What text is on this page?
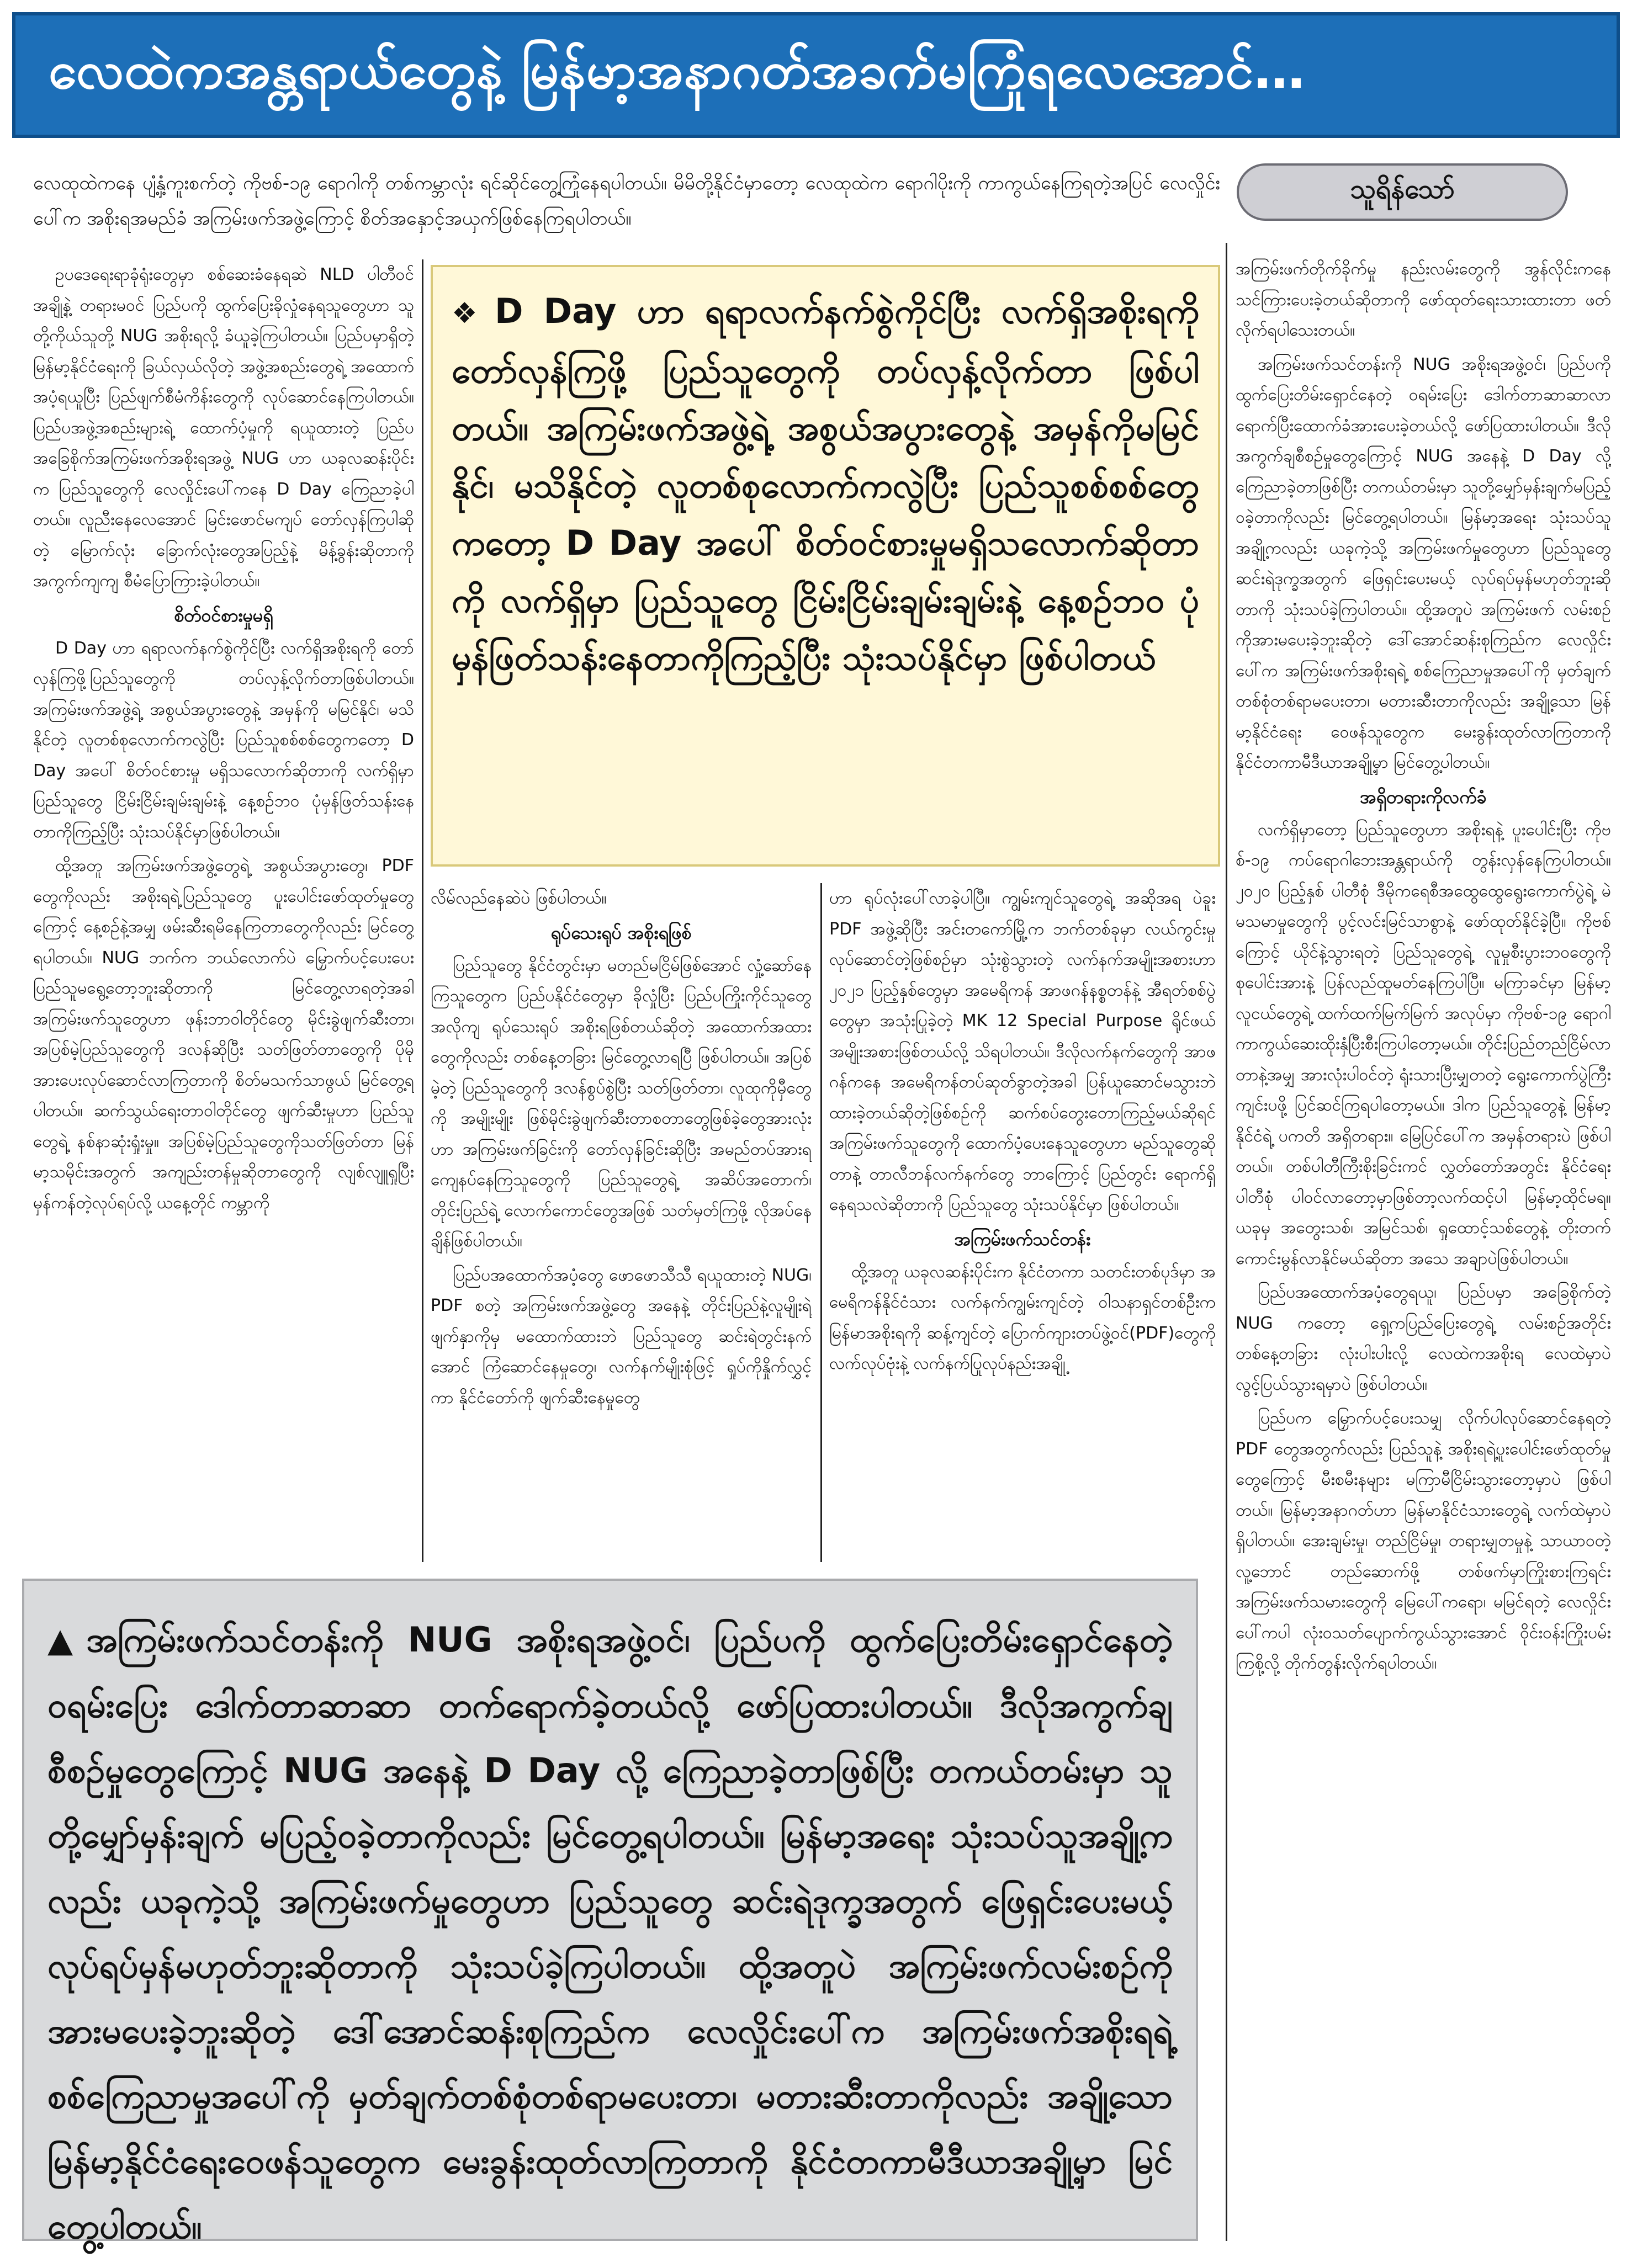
လေထဲကအန္တရာယ်တွေနဲ့ မြန်မာ့အနာဂတ်အခက်မကြုံရလေအောင်…
လေထုထဲကနေ ပျံ့နှံ့ကူးစက်တဲ့ ကိုဗစ်-၁၉ ရောဂါကို တစ်ကမ္ဘာလုံး ရင်ဆိုင်တွေ့ကြုံနေရပါတယ်။ မိမိတို့နိုင်ငံမှာတော့ လေထုထဲက ရောဂါပိုးကို ကာကွယ်နေကြရတဲ့အပြင် လေလှိုင်းပေါ်က အစိုးရအမည်ခံ အကြမ်းဖက်အဖွဲ့ကြောင့် စိတ်အနှောင့်အယှက်ဖြစ်နေကြရပါတယ်။
သူရိန်သော်

ဥပဒေရေးရာခုံရုံးတွေမှာ စစ်ဆေးခံနေရဆဲ NLD ပါတီဝင်အချို့နဲ့ တရားမဝင် ပြည်ပကို ထွက်ပြေးခိုလှုံနေရသူတွေဟာ သူတို့ကိုယ်သူတို့ NUG အစိုးရလို့ ခံယူခဲ့ကြပါတယ်။ ပြည်ပမှာရှိတဲ့ မြန်မာ့နိုင်ငံရေးကို ခြယ်လှယ်လိုတဲ့ အဖွဲ့အစည်းတွေရဲ့ အထောက်အပံ့ရယူပြီး ပြည်ဖျက်စီမံကိန်းတွေကို လုပ်ဆောင်နေကြပါတယ်။ ပြည်ပအဖွဲ့အစည်းများရဲ့ ထောက်ပံ့မှုကို ရယူထားတဲ့ ပြည်ပအခြေစိုက်အကြမ်းဖက်အစိုးရအဖွဲ့ NUG ဟာ ယခုလဆန်းပိုင်းက ပြည်သူတွေကို လေလှိုင်းပေါ်ကနေ D Day ကြေညာခဲ့ပါတယ်။ လူညီးနေလေအောင် မြင်းဖောင်မကျပ် တော်လှန်ကြပါဆိုတဲ့ မြောက်လုံး ခြောက်လုံးတွေအပြည့်နဲ့ မိန့်ခွန်းဆိုတာကို အကွက်ကျကျ စီမံပြောကြားခဲ့ပါတယ်။

စိတ်ဝင်စားမှုမရှိ

D Day ဟာ ရရာလက်နက်စွဲကိုင်ပြီး လက်ရှိအစိုးရကို တော်လှန်ကြဖို့ပြည်သူတွေကို တပ်လှန့်လိုက်တာဖြစ်ပါတယ်။ အကြမ်းဖက်အဖွဲ့ရဲ့ အစွယ်အပွားတွေနဲ့ အမှန်ကို မမြင်နိုင်၊ မသိနိုင်တဲ့ လူတစ်စုလောက်ကလွဲပြီး ပြည်သူစစ်စစ်တွေကတော့ D Day အပေါ် စိတ်ဝင်စားမှု မရှိသလောက်ဆိုတာကို လက်ရှိမှာ ပြည်သူတွေ ငြိမ်းငြိမ်းချမ်းချမ်းနဲ့ နေ့စဉ်ဘဝ ပုံမှန်ဖြတ်သန်းနေတာကိုကြည့်ပြီး သုံးသပ်နိုင်မှာဖြစ်ပါတယ်။

ထို့အတူ အကြမ်းဖက်အဖွဲ့တွေရဲ့ အစွယ်အပွားတွေ၊ PDF တွေကိုလည်း အစိုးရရဲ့ပြည်သူတွေ ပူးပေါင်းဖော်ထုတ်မှုတွေကြောင့် နေ့စဉ်နဲ့အမျှ ဖမ်းဆီးရမိနေကြတာတွေကိုလည်း မြင်တွေ့ရပါတယ်။ NUG ဘက်က ဘယ်လောက်ပဲ မြှောက်ပင့်ပေးပေး ပြည်သူမရွေ့တော့ဘူးဆိုတာကို မြင်တွေ့လာရတဲ့အခါ အကြမ်းဖက်သူတွေဟာ ဖုန်းဘာဝါတိုင်တွေ မိုင်းခွဲဖျက်ဆီးတာ၊ အပြစ်မဲ့ပြည်သူတွေကို ဒလန်ဆိုပြီး သတ်ဖြတ်တာတွေကို ပိုမိုအားပေးလုပ်ဆောင်လာကြတာကို စိတ်မသက်သာဖွယ် မြင်တွေ့ရပါတယ်။ ဆက်သွယ်ရေးတာဝါတိုင်တွေ ဖျက်ဆီးမှုဟာ ပြည်သူတွေရဲ့ နစ်နာဆုံးရှုံးမှု။ အပြစ်မဲ့ပြည်သူတွေကိုသတ်ဖြတ်တာ မြန်မာ့သမိုင်းအတွက် အကျည်းတန်မှုဆိုတာတွေကို လျစ်လျူရှုပြီး မှန်ကန်တဲ့လုပ်ရပ်လို့ ယနေ့တိုင် ကမ္ဘာကို

❖ D Day ဟာ ရရာလက်နက်စွဲကိုင်ပြီး လက်ရှိအစိုးရကို တော်လှန်ကြဖို့ ပြည်သူတွေကို တပ်လှန့်လိုက်တာ ဖြစ်ပါတယ်။ အကြမ်းဖက်အဖွဲ့ရဲ့ အစွယ်အပွားတွေနဲ့ အမှန်ကိုမမြင်နိုင်၊ မသိနိုင်တဲ့ လူတစ်စုလောက်ကလွဲပြီး ပြည်သူစစ်စစ်တွေကတော့ D Day အပေါ် စိတ်ဝင်စားမှုမရှိသလောက်ဆိုတာကို လက်ရှိမှာ ပြည်သူတွေ ငြိမ်းငြိမ်းချမ်းချမ်းနဲ့ နေ့စဉ်ဘဝ ပုံမှန်ဖြတ်သန်းနေတာကိုကြည့်ပြီး သုံးသပ်နိုင်မှာ ဖြစ်ပါတယ်

လိမ်လည်နေဆဲပဲ ဖြစ်ပါတယ်။

ရုပ်သေးရုပ် အစိုးရဖြစ်

ပြည်သူတွေ နိုင်ငံတွင်းမှာ မတည်မငြိမ်ဖြစ်အောင် လှုံ့ဆော်နေကြသူတွေက ပြည်ပနိုင်ငံတွေမှာ ခိုလှုံပြီး ပြည်ပကြိုးကိုင်သူတွေအလိုကျ ရုပ်သေးရုပ် အစိုးရဖြစ်တယ်ဆိုတဲ့ အထောက်အထားတွေကိုလည်း တစ်နေ့တခြား မြင်တွေ့လာရပြီ ဖြစ်ပါတယ်။ အပြစ်မဲ့တဲ့ ပြည်သူတွေကို ဒလန်စွပ်စွဲပြီး သတ်ဖြတ်တာ၊ လူထုကိုမှီတွေကို အမျိုးမျိုး ဖြစ်မိုင်းခွဲဖျက်ဆီးတာစတာတွေဖြစ်ခဲ့တွေအားလုံးဟာ အကြမ်းဖက်ခြင်းကို တော်လှန်ခြင်းဆိုပြီး အမည်တပ်အားရကျေနပ်နေကြသူတွေကို ပြည်သူတွေရဲ့ အဆိပ်အတောက်၊ တိုင်းပြည်ရဲ့ လောက်ကောင်တွေအဖြစ် သတ်မှတ်ကြဖို့ လိုအပ်နေချိန်ဖြစ်ပါတယ်။

ပြည်ပအထောက်အပံ့တွေ ဖောဖောသီသီ ရယူထားတဲ့ NUG၊ PDF စတဲ့ အကြမ်းဖက်အဖွဲ့တွေ အနေနဲ့ တိုင်းပြည်နဲ့လူမျိုးရဲ့ ဖျက်နှာကိုမှ မထောက်ထားဘဲ ပြည်သူတွေ ဆင်းရဲတွင်းနက်အောင် ကြံဆောင်နေမှုတွေ၊ လက်နက်မျိုးစုံဖြင့် ရှုပ်ကိုနှိုက်လွှင့်ကာ နိုင်ငံတော်ကို ဖျက်ဆီးနေမှုတွေ

ဟာ ရုပ်လုံးပေါ်လာခဲ့ပါပြီ။ ကျွမ်းကျင်သူတွေရဲ့ အဆိုအရ ပဲခူး PDF အဖွဲ့ဆိုပြီး အင်းတကော်မြို့က ဘက်တစ်ခုမှာ လယ်ကွင်းမှုလုပ်ဆောင်တဲ့ဖြစ်စဉ်မှာ သုံးစွဲသွားတဲ့ လက်နက်အမျိုးအစားဟာ ၂၀၂၁ ပြည့်နှစ်တွေမှာ အမေရိကန် အာဖဂန်နစ္စတန်နဲ့ အီရတ်စစ်ပွဲတွေမှာ အသုံးပြုခဲ့တဲ့ MK 12 Special Purpose ရိုင်ဖယ်အမျိုးအစားဖြစ်တယ်လို့ သိရပါတယ်။ ဒီလိုလက်နက်တွေကို အာဖဂန်ကနေ အမေရိကန်တပ်ဆုတ်ခွာတဲ့အခါ ပြန်ယူဆောင်မသွားဘဲ ထားခဲ့တယ်ဆိုတဲ့ဖြစ်စဉ်ကို ဆက်စပ်တွေးတောကြည့်မယ်ဆိုရင် အကြမ်းဖက်သူတွေကို ထောက်ပံ့ပေးနေသူတွေဟာ မည်သူတွေဆိုတာနဲ့ တာလီဘန်လက်နက်တွေ ဘာကြောင့် ပြည်တွင်း ရောက်ရှိနေရသလဲဆိုတာကို ပြည်သူတွေ သုံးသပ်နိုင်မှာ ဖြစ်ပါတယ်။

အကြမ်းဖက်သင်တန်း

ထို့အတူ ယခုလဆန်းပိုင်းက နိုင်ငံတကာ သတင်းတစ်ပုဒ်မှာ အမေရိကန်နိုင်ငံသား လက်နက်ကျွမ်းကျင်တဲ့ ဝါသနာရှင်တစ်ဦးက မြန်မာအစိုးရကို ဆန့်ကျင်တဲ့ ပြောက်ကျားတပ်ဖွဲ့ဝင်(PDF)တွေကို လက်လုပ်ဗုံးနဲ့ လက်နက်ပြုလုပ်နည်းအချို့

အကြမ်းဖက်တိုက်ခိုက်မှု နည်းလမ်းတွေကို အွန်လိုင်းကနေ သင်ကြားပေးခဲ့တယ်ဆိုတာကို ဖော်ထုတ်ရေးသားထားတာ ဖတ်လိုက်ရပါသေးတယ်။

အကြမ်းဖက်သင်တန်းကို NUG အစိုးရအဖွဲ့ဝင်၊ ပြည်ပကို ထွက်ပြေးတိမ်းရှောင်နေတဲ့ ဝရမ်းပြေး ဒေါက်တာဆာဆာလာရောက်ပြီးထောက်ခံအားပေးခဲ့တယ်လို့ ဖော်ပြထားပါတယ်။ ဒီလိုအကွက်ချစီစဉ်မှုတွေကြောင့် NUG အနေနဲ့ D Day လို့ကြေညာခဲ့တာဖြစ်ပြီး တကယ်တမ်းမှာ သူတို့မျှော်မှန်းချက်မပြည့်ဝခဲ့တာကိုလည်း မြင်တွေ့ရပါတယ်။ မြန်မာ့အရေး သုံးသပ်သူအချို့ကလည်း ယခုကဲ့သို့ အကြမ်းဖက်မှုတွေဟာ ပြည်သူတွေ ဆင်းရဲဒုက္ခအတွက် ဖြေရှင်းပေးမယ့် လုပ်ရပ်မှန်မဟုတ်ဘူးဆိုတာကို သုံးသပ်ခဲ့ကြပါတယ်။ ထို့အတူပဲ အကြမ်းဖက် လမ်းစဉ်ကိုအားမပေးခဲ့ဘူးဆိုတဲ့ ဒေါ်အောင်ဆန်းစုကြည်က လေလှိုင်းပေါ်က အကြမ်းဖက်အစိုးရရဲ့ စစ်ကြေညာမှုအပေါ်ကို မှတ်ချက်တစ်စုံတစ်ရာမပေးတာ၊ မတားဆီးတာကိုလည်း အချို့သော မြန်မာ့နိုင်ငံရေး ဝေဖန်သူတွေက မေးခွန်းထုတ်လာကြတာကို နိုင်ငံတကာမီဒီယာအချို့မှာ မြင်တွေ့ပါတယ်။

အရှိတရားကိုလက်ခံ

လက်ရှိမှာတော့ ပြည်သူတွေဟာ အစိုးရနဲ့ ပူးပေါင်းပြီး ကိုဗစ်-၁၉ ကပ်ရောဂါဘေးအန္တရာယ်ကို တွန်းလှန်နေကြပါတယ်။ ၂၀၂၀ ပြည့်နှစ် ပါတီစုံ ဒီမိုကရေစီအထွေထွေရွေးကောက်ပွဲရဲ့ မဲမသမာမှုတွေကို ပွင့်လင်းမြင်သာစွာနဲ့ ဖော်ထုတ်နိုင်ခဲ့ပြီ။ ကိုဗစ်ကြောင့် ယိုင်နဲ့သွားရတဲ့ ပြည်သူတွေရဲ့ လူမှုစီးပွားဘဝတွေကို စုပေါင်းအားနဲ့ ပြန်လည်ထူမတ်နေကြပါပြီ။ မကြာခင်မှာ မြန်မာ့လူငယ်တွေရဲ့ ထက်ထက်မြက်မြက် အလုပ်မှာ ကိုဗစ်-၁၉ ရောဂါ ကာကွယ်ဆေးထိုးနှံပြီးစီးကြပါတော့မယ်။ တိုင်းပြည်တည်ငြိမ်လာတာနဲ့အမျှ အားလုံးပါဝင်တဲ့ ရုံးသားပြီးမျှတတဲ့ ရွေးကောက်ပွဲကြီးကျင်းပဖို့ ပြင်ဆင်ကြရပါတော့မယ်။ ဒါက ပြည်သူတွေနဲ့ မြန်မာ့နိုင်ငံရဲ့ ပကတိ အရှိတရား။ မြေပြင်ပေါ်က အမှန်တရားပဲ ဖြစ်ပါတယ်။ တစ်ပါတီကြီးစိုးခြင်းကင် လွှတ်တော်အတွင်း နိုင်ငံရေးပါတီစုံ ပါဝင်လာတော့မှာဖြစ်တာ့လက်ထင့်ပါ မြန်မာ့ထိုင်မရ။ ယခုမှ အတွေးသစ်၊ အမြင်သစ်၊ ရှုထောင့်သစ်တွေနဲ့ တိုးတက်ကောင်းမွန်လာနိုင်မယ်ဆိုတာ အသေ အချာပဲဖြစ်ပါတယ်။

ပြည်ပအထောက်အပံ့တွေရယူ၊ ပြည်ပမှာ အခြေစိုက်တဲ့ NUG ကတော့ ရှေ့ကပြည်ပြေးတွေရဲ့ လမ်းစဉ်အတိုင်း တစ်နေ့တခြား လုံးပါးပါးလို့ လေထဲကအစိုးရ လေထဲမှာပဲ လွင့်ပြယ်သွားရမှာပဲ ဖြစ်ပါတယ်။

ပြည်ပက မြှောက်ပင့်ပေးသမျှ လိုက်ပါလုပ်ဆောင်နေရတဲ့ PDF တွေအတွက်လည်း ပြည်သူနဲ့ အစိုးရရဲ့ပူးပေါင်းဖော်ထုတ်မှုတွေကြောင့် မီးစမီးနများ မကြာမီငြိမ်းသွားတော့မှာပဲ ဖြစ်ပါတယ်။ မြန်မာ့အနာဂတ်ဟာ မြန်မာနိုင်ငံသားတွေရဲ့ လက်ထဲမှာပဲရှိပါတယ်။ အေးချမ်းမှု၊ တည်ငြိမ်မှု၊ တရားမျှတမှုနဲ့ သာယာဝတဲ့လူ့ဘောင် တည်ဆောက်ဖို့ တစ်ဖက်မှာကြိုးစားကြရင်း အကြမ်းဖက်သမားတွေကို မြေပေါ်ကရော၊ မမြင်ရတဲ့ လေလှိုင်းပေါ်ကပါ လုံးဝသတ်ပျောက်ကွယ်သွားအောင် ဝိုင်းဝန်းကြိုးပမ်းကြစို့လို့ တိုက်တွန်းလိုက်ရပါတယ်။

▲ အကြမ်းဖက်သင်တန်းကို NUG အစိုးရအဖွဲ့ဝင်၊ ပြည်ပကို ထွက်ပြေးတိမ်းရှောင်နေတဲ့ ဝရမ်းပြေး ဒေါက်တာဆာဆာ တက်ရောက်ခဲ့တယ်လို့ ဖော်ပြထားပါတယ်။ ဒီလိုအကွက်ချစီစဉ်မှုတွေကြောင့် NUG အနေနဲ့ D Day လို့ ကြေညာခဲ့တာဖြစ်ပြီး တကယ်တမ်းမှာ သူတို့မျှော်မှန်းချက် မပြည့်ဝခဲ့တာကိုလည်း မြင်တွေ့ရပါတယ်။ မြန်မာ့အရေး သုံးသပ်သူအချို့ကလည်း ယခုကဲ့သို့ အကြမ်းဖက်မှုတွေဟာ ပြည်သူတွေ ဆင်းရဲဒုက္ခအတွက် ဖြေရှင်းပေးမယ့် လုပ်ရပ်မှန်မဟုတ်ဘူးဆိုတာကို သုံးသပ်ခဲ့ကြပါတယ်။ ထို့အတူပဲ အကြမ်းဖက်လမ်းစဉ်ကို အားမပေးခဲ့ဘူးဆိုတဲ့ ဒေါ်အောင်ဆန်းစုကြည်က လေလှိုင်းပေါ်က အကြမ်းဖက်အစိုးရရဲ့ စစ်ကြေညာမှုအပေါ်ကို မှတ်ချက်တစ်စုံတစ်ရာမပေးတာ၊ မတားဆီးတာကိုလည်း အချို့သော မြန်မာ့နိုင်ငံရေးဝေဖန်သူတွေက မေးခွန်းထုတ်လာကြတာကို နိုင်ငံတကာမီဒီယာအချို့မှာ မြင်တွေ့ပါတယ်။
